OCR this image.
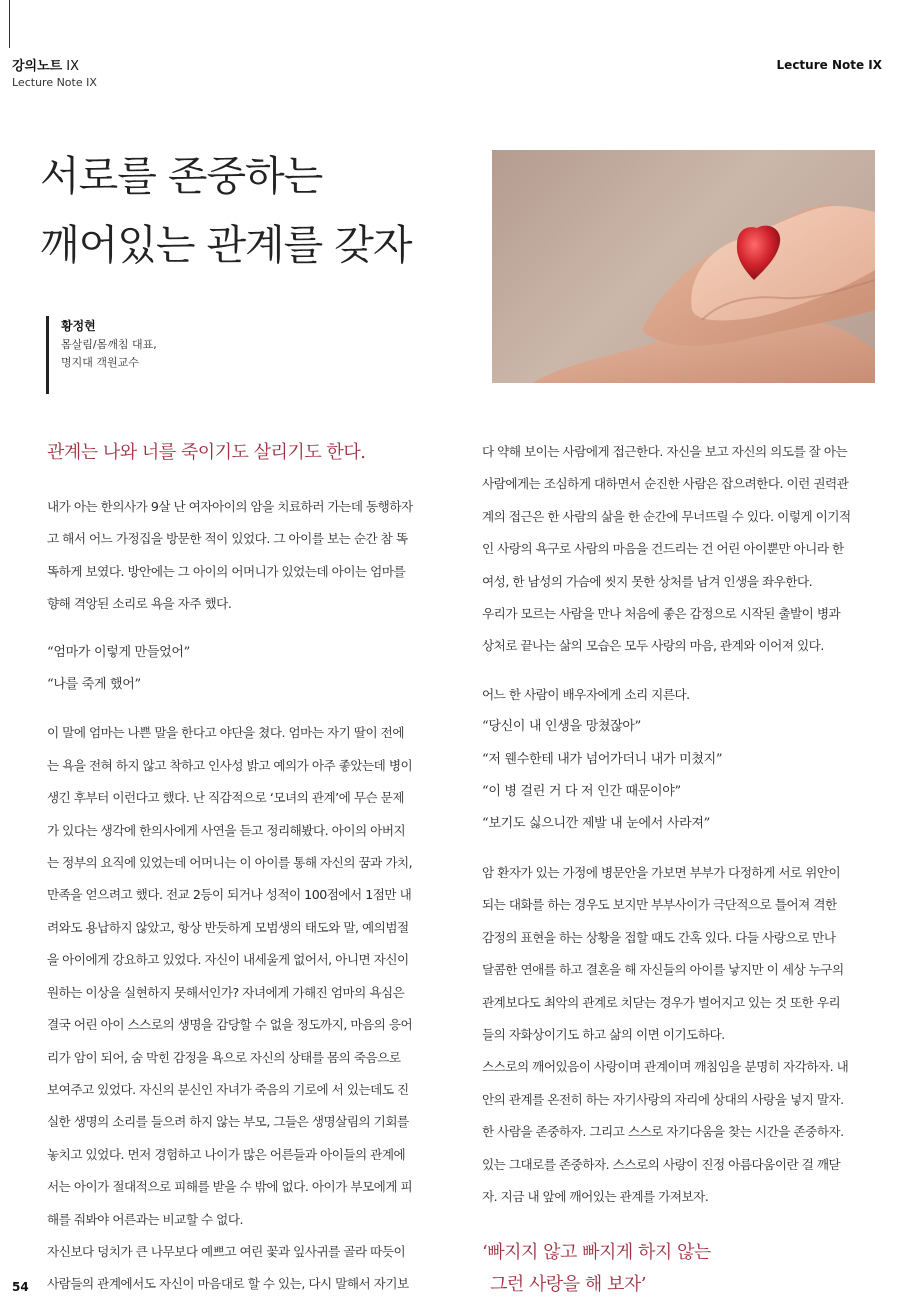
강의노트 IX
Lecture Note IX
Lecture Note IX
서로를 존중하는
깨어있는 관계를 갖자
황정현
몸살림/몸깨침 대표,
명지대 객원교수

관계는 나와 너를 죽이기도 살리기도 한다.

내가 아는 한의사가 9살 난 여자아이의 암을 치료하러 가는데 동행하자

고 해서 어느 가정집을 방문한 적이 있었다. 그 아이를 보는 순간 참 똑

똑하게 보였다. 방안에는 그 아이의 어머니가 있었는데 아이는 엄마를

향해 격앙된 소리로 욕을 자주 했다.

“엄마가 이렇게 만들었어”

“나를 죽게 했어”

이 말에 엄마는 나쁜 말을 한다고 야단을 쳤다. 엄마는 자기 딸이 전에

는 욕을 전혀 하지 않고 착하고 인사성 밝고 예의가 아주 좋았는데 병이

생긴 후부터 이런다고 했다. 난 직감적으로 ‘모녀의 관계’에 무슨 문제

가 있다는 생각에 한의사에게 사연을 듣고 정리해봤다. 아이의 아버지

는 정부의 요직에 있었는데 어머니는 이 아이를 통해 자신의 꿈과 가치,

만족을 얻으려고 했다. 전교 2등이 되거나 성적이 100점에서 1점만 내

려와도 용납하지 않았고, 항상 반듯하게 모범생의 태도와 말, 예의범절

을 아이에게 강요하고 있었다. 자신이 내세울게 없어서, 아니면 자신이

원하는 이상을 실현하지 못해서인가? 자녀에게 가해진 엄마의 욕심은

결국 어린 아이 스스로의 생명을 감당할 수 없을 정도까지, 마음의 응어

리가 암이 되어, 숨 막힌 감정을 욕으로 자신의 상태를 몸의 죽음으로

보여주고 있었다. 자신의 분신인 자녀가 죽음의 기로에 서 있는데도 진

실한 생명의 소리를 들으려 하지 않는 부모, 그들은 생명살림의 기회를

놓치고 있었다. 먼저 경험하고 나이가 많은 어른들과 아이들의 관계에

서는 아이가 절대적으로 피해를 받을 수 밖에 없다. 아이가 부모에게 피

해를 줘봐야 어른과는 비교할 수 없다.

자신보다 덩치가 큰 나무보다 예쁘고 여린 꽃과 잎사귀를 골라 따듯이

사람들의 관계에서도 자신이 마음대로 할 수 있는, 다시 말해서 자기보

다 약해 보이는 사람에게 접근한다. 자신을 보고 자신의 의도를 잘 아는

사람에게는 조심하게 대하면서 순진한 사람은 잡으려한다. 이런 권력관

계의 접근은 한 사람의 삶을 한 순간에 무너뜨릴 수 있다. 이렇게 이기적

인 사랑의 욕구로 사람의 마음을 건드리는 건 어린 아이뿐만 아니라 한

여성, 한 남성의 가슴에 씻지 못한 상처를 남겨 인생을 좌우한다.

우리가 모르는 사람을 만나 처음에 좋은 감정으로 시작된 출발이 병과

상처로 끝나는 삶의 모습은 모두 사랑의 마음, 관계와 이어져 있다.

어느 한 사람이 배우자에게 소리 지른다.

“당신이 내 인생을 망쳤잖아”

“저 웬수한테 내가 넘어가더니 내가 미쳤지”

“이 병 걸린 거 다 저 인간 때문이야”

“보기도 싫으니깐 제발 내 눈에서 사라져”

암 환자가 있는 가정에 병문안을 가보면 부부가 다정하게 서로 위안이

되는 대화를 하는 경우도 보지만 부부사이가 극단적으로 틀어져 격한

감정의 표현을 하는 상황을 접할 때도 간혹 있다. 다들 사랑으로 만나

달콤한 연애를 하고 결혼을 해 자신들의 아이를 낳지만 이 세상 누구의

관계보다도 최악의 관계로 치닫는 경우가 벌어지고 있는 것 또한 우리

들의 자화상이기도 하고 삶의 이면 이기도하다.

스스로의 깨어있음이 사랑이며 관계이며 깨침임을 분명히 자각하자. 내

안의 관계를 온전히 하는 자기사랑의 자리에 상대의 사랑을 넣지 말자.

한 사람을 존중하자. 그리고 스스로 자기다움을 찾는 시간을 존중하자.

있는 그대로를 존중하자. 스스로의 사랑이 진정 아름다움이란 걸 깨닫

자. 지금 내 앞에 깨어있는 관계를 가져보자.

‘빠지지 않고 빠지게 하지 않는

그런 사랑을 해 보자’

54
